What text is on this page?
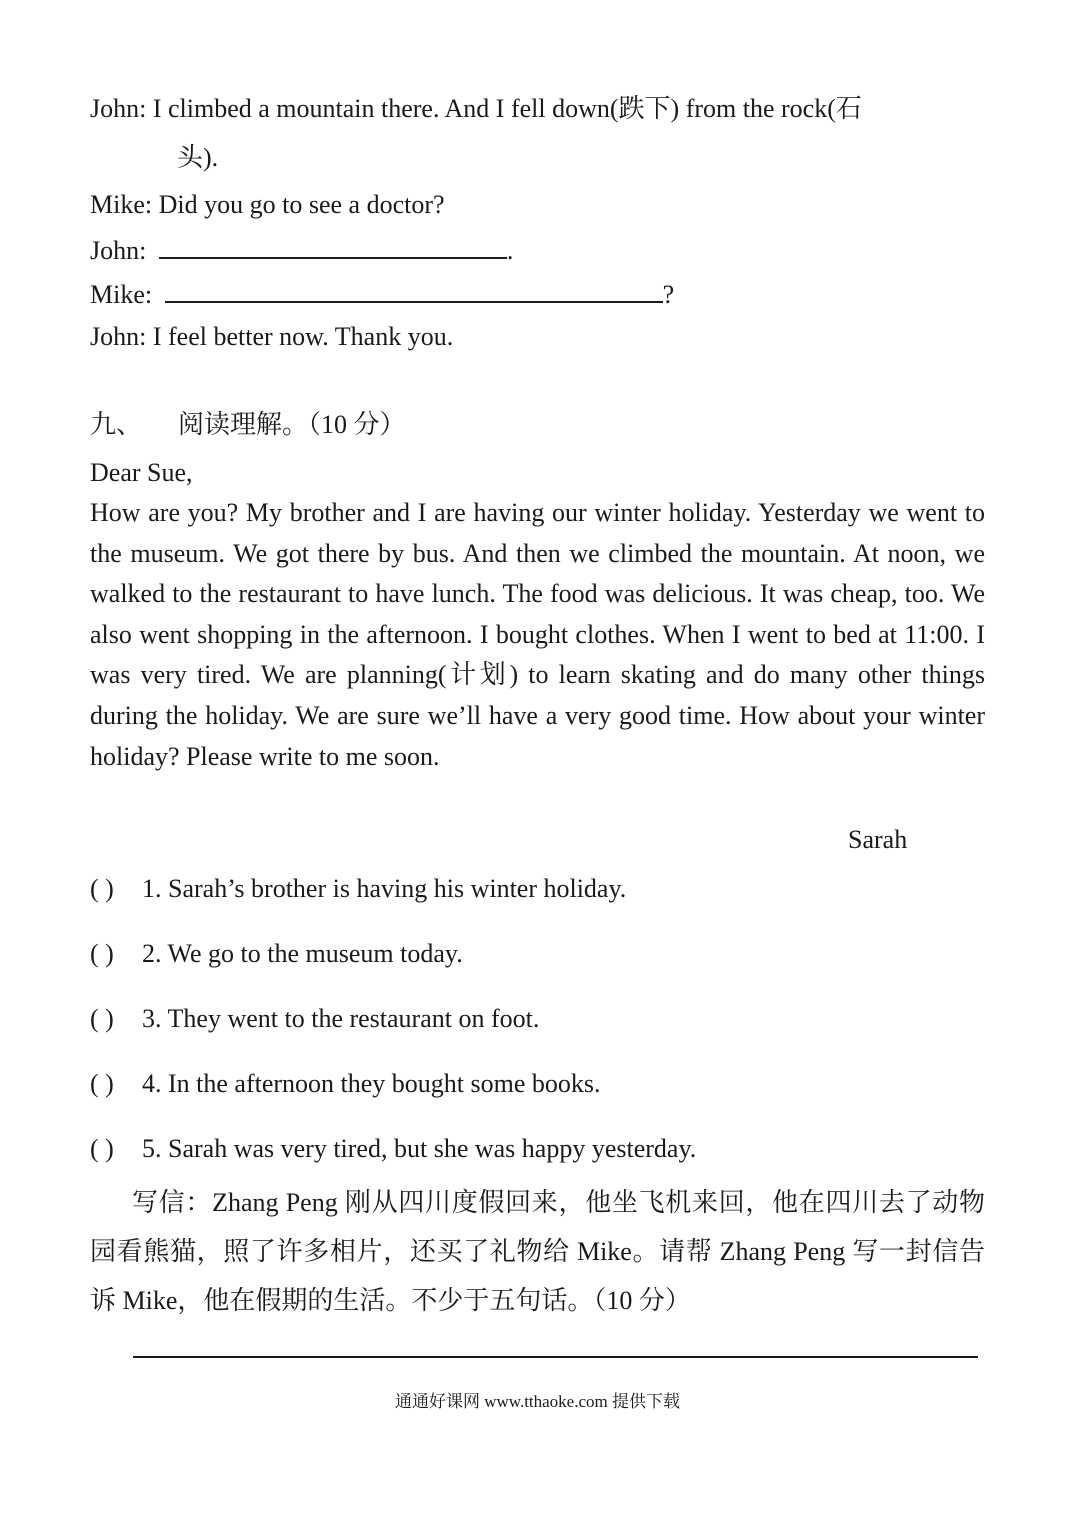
John: I climbed a mountain there. And I fell down(跌下) from the rock(石
头).
Mike: Did you go to see a doctor?
John:	.
Mike:	?
John: I feel better now. Thank you.
九、 阅读理解。（10 分）
Dear Sue,
How are you? My brother and I are having our winter holiday. Yesterday we went to the museum. We got there by bus. And then we climbed the mountain. At noon, we walked to the restaurant to have lunch. The food was delicious. It was cheap, too. We also went shopping in the afternoon. I bought clothes. When I went to bed at 11:00. I was very tired. We are planning(计划) to learn skating and do many other things during the holiday. We are sure we’ll have a very good time. How about your winter holiday? Please write to me soon.
Sarah
( ) 1. Sarah’s brother is having his winter holiday.
( ) 2. We go to the museum today.
( ) 3. They went to the restaurant on foot.
( ) 4. In the afternoon they bought some books.
( ) 5. Sarah was very tired, but she was happy yesterday.
写信：Zhang Peng 刚从四川度假回来，他坐飞机来回，他在四川去了动物园看熊猫，照了许多相片，还买了礼物给 Mike。请帮 Zhang Peng 写一封信告诉 Mike，他在假期的生活。不少于五句话。（10 分）
通通好课网 www.tthaoke.com 提供下载
